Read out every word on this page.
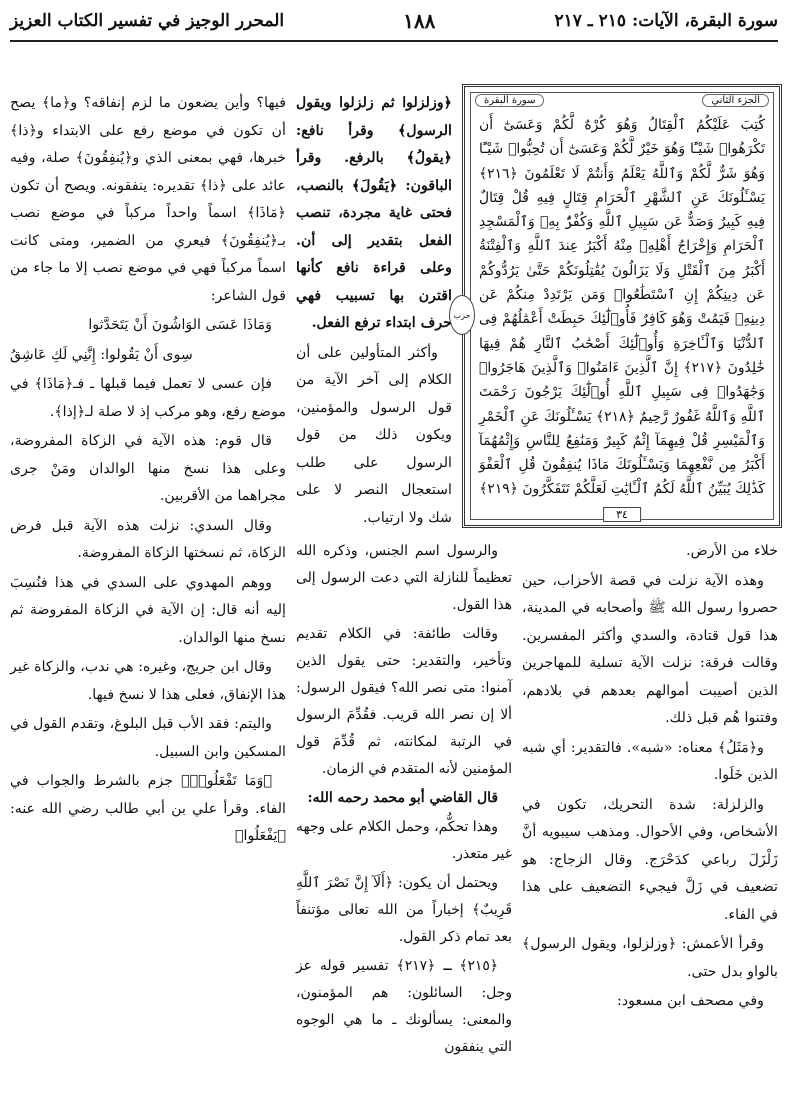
سورة البقرة، الآيات: ٢١٥ ـ ٢١٧
١٨٨
المحرر الوجيز في تفسير الكتاب العزيز
الجزء الثاني
سورة البقرة
كُتِبَ عَلَيْكُمُ ٱلْقِتَالُ وَهُوَ كُرْهٌ لَّكُمْ وَعَسَىٰٓ أَن تَكْرَهُوا۟ شَيْـًٔا وَهُوَ خَيْرٌ لَّكُمْ وَعَسَىٰٓ أَن تُحِبُّوا۟ شَيْـًٔا وَهُوَ شَرٌّ لَّكُمْ وَٱللَّهُ يَعْلَمُ وَأَنتُمْ لَا تَعْلَمُونَ ﴿٢١٦﴾ يَسْـَٔلُونَكَ عَنِ ٱلشَّهْرِ ٱلْحَرَامِ قِتَالٍ فِيهِ قُلْ قِتَالٌ فِيهِ كَبِيرٌ وَصَدٌّ عَن سَبِيلِ ٱللَّهِ وَكُفْرٌۢ بِهِۦ وَٱلْمَسْجِدِ ٱلْحَرَامِ وَإِخْرَاجُ أَهْلِهِۦ مِنْهُ أَكْبَرُ عِندَ ٱللَّهِ وَٱلْفِتْنَةُ أَكْبَرُ مِنَ ٱلْقَتْلِ وَلَا يَزَالُونَ يُقَٰتِلُونَكُمْ حَتَّىٰ يَرُدُّوكُمْ عَن دِينِكُمْ إِنِ ٱسْتَطَٰعُوا۟ وَمَن يَرْتَدِدْ مِنكُمْ عَن دِينِهِۦ فَيَمُتْ وَهُوَ كَافِرٌ فَأُو۟لَٰٓئِكَ حَبِطَتْ أَعْمَٰلُهُمْ فِى ٱلدُّنْيَا وَٱلْـَٔاخِرَةِ وَأُو۟لَٰٓئِكَ أَصْحَٰبُ ٱلنَّارِ هُمْ فِيهَا خَٰلِدُونَ ﴿٢١٧﴾ إِنَّ ٱلَّذِينَ ءَامَنُوا۟ وَٱلَّذِينَ هَاجَرُوا۟ وَجَٰهَدُوا۟ فِى سَبِيلِ ٱللَّهِ أُو۟لَٰٓئِكَ يَرْجُونَ رَحْمَتَ ٱللَّهِ وَٱللَّهُ غَفُورٌ رَّحِيمٌ ﴿٢١٨﴾ يَسْـَٔلُونَكَ عَنِ ٱلْخَمْرِ وَٱلْمَيْسِرِ قُلْ فِيهِمَآ إِثْمٌ كَبِيرٌ وَمَنَٰفِعُ لِلنَّاسِ وَإِثْمُهُمَآ أَكْبَرُ مِن نَّفْعِهِمَا وَيَسْـَٔلُونَكَ مَاذَا يُنفِقُونَ قُلِ ٱلْعَفْوَ كَذَٰلِكَ يُبَيِّنُ ٱللَّهُ لَكُمُ ٱلْـَٔايَٰتِ لَعَلَّكُمْ تَتَفَكَّرُونَ ﴿٢١٩﴾
حزب
٣٤

خلاء من الأرض.

وهذه الآية نزلت في قصة الأحزاب، حين حصروا رسول الله ﷺ وأصحابه في المدينة، هذا قول قتادة، والسدي وأكثر المفسرين. وقالت فرقة: نزلت الآية تسلية للمهاجرين الذين أصيبت أموالهم بعدهم في بلادهم، وفتنوا هُم قبل ذلك.

و﴿مَثَلُ﴾ معناه: «شبه». فالتقدير: أي شبه الذين خَلَوا.

والزلزلة: شدة التحريك، تكون في الأشخاص، وفي الأحوال. ومذهب سيبويه أنَّ زَلْزَلَ رباعي كدَحْرَج. وقال الزجاج: هو تضعيف في زَلَّ فيجيء التضعيف على هذا في الفاء.

وقرأ الأعمش: ﴿وزلزلوا، ويقول الرسول﴾ بالواو بدل حتى.

وفي مصحف ابن مسعود:

﴿وزلزلوا ثم زلزلوا ويقول الرسول﴾ وقرأ نافع: ﴿يقولُ﴾ بالرفع. وقرأ الباقون: ﴿يَقُولَ﴾ بالنصب، فحتى غاية مجردة، تنصب الفعل بتقدير إلى أن. وعلى قراءة نافع كأنها اقترن بها تسبيب فهي حرف ابتداء ترفع الفعل.

وأكثر المتأولين على أن الكلام إلى آخر الآية من قول الرسول والمؤمنين، ويكون ذلك من قول الرسول على طلب استعجال النصر لا على شك ولا ارتياب.

والرسول اسم الجنس، وذكره الله تعظيماً للنازلة التي دعت الرسول إلى هذا القول.

وقالت طائفة: في الكلام تقديم وتأخير، والتقدير: حتى يقول الذين آمنوا: متى نصر الله؟ فيقول الرسول: ألا إن نصر الله قريب. فقُدِّمَ الرسول في الرتبة لمكانته، ثم قُدِّمَ قول المؤمنين لأنه المتقدم في الزمان.

قال القاضي أبو محمد رحمه الله:

وهذا تحكُّم، وحمل الكلام على وجهه غير متعذر.

ويحتمل أن يكون: ﴿أَلَآ إِنَّ نَصْرَ ٱللَّهِ قَرِيبٌ﴾ إخباراً من الله تعالى مؤتنفاً بعد تمام ذكر القول.

﴿٢١٥﴾ ـ ﴿٢١٧﴾ تفسير قوله عز وجل: السائلون: هم المؤمنون، والمعنى: يسألونك ـ ما هي الوجوه التي ينفقون

فيها؟ وأين يضعون ما لزم إنفاقه؟ و﴿ما﴾ يصح أن تكون في موضع رفع على الابتداء و﴿ذا﴾ خبرها، فهي بمعنى الذي و﴿يُنفِقُونَ﴾ صلة، وفيه عائد على ﴿ذا﴾ تقديره: ينفقونه. ويصح أن تكون ﴿مَاذَا﴾ اسماً واحداً مركباً في موضع نصب بـ﴿يُنفِقُونَ﴾ فيعري من الضمير، ومتى كانت اسماً مركباً فهي في موضع نصب إلا ما جاء من قول الشاعر:

وَمَاذَا عَسَى الوَاشُونَ أَنْ يَتَحَدَّثوا

سِوى أَنْ يَقُولوا: إِنَّنِي لَكِ عَاشِقُ

فإن عسى لا تعمل فيما قبلها ـ فـ﴿مَاذَا﴾ في موضع رفع، وهو مركب إذ لا صلة لـ﴿إذا﴾.

قال قوم: هذه الآية في الزكاة المفروضة، وعلى هذا نسخ منها الوالدان ومَنْ جرى مجراهما من الأقربين.

وقال السدي: نزلت هذه الآية قبل فرض الزكاة، ثم نسختها الزكاة المفروضة.

ووهم المهدوي على السدي في هذا فنُسِبَ إليه أنه قال: إن الآية في الزكاة المفروضة ثم نسخ منها الوالدان.

وقال ابن جريج، وغيره: هي ندب، والزكاة غير هذا الإنفاق، فعلى هذا لا نسخ فيها.

واليتم: فقد الأب قبل البلوغ، وتقدم القول في المسكين وابن السبيل.

﴿وَمَا تَفْعَلُوا۟﴾ جزم بالشرط والجواب في الفاء. وقرأ علي بن أبي طالب رضي الله عنه: ﴿يَفْعَلُوا﴾
